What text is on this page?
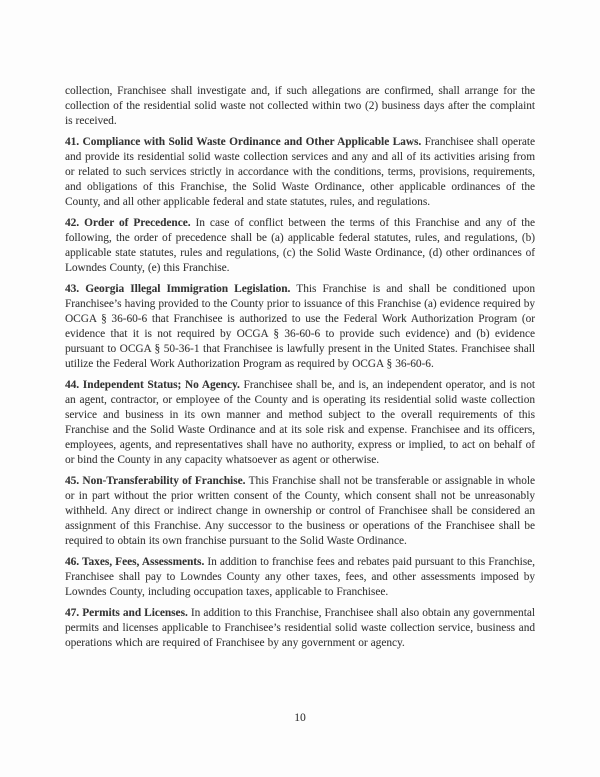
collection, Franchisee shall investigate and, if such allegations are confirmed, shall arrange for the collection of the residential solid waste not collected within two (2) business days after the complaint is received.

41. Compliance with Solid Waste Ordinance and Other Applicable Laws. Franchisee shall operate and provide its residential solid waste collection services and any and all of its activities arising from or related to such services strictly in accordance with the conditions, terms, provisions, requirements, and obligations of this Franchise, the Solid Waste Ordinance, other applicable ordinances of the County, and all other applicable federal and state statutes, rules, and regulations.

42. Order of Precedence. In case of conflict between the terms of this Franchise and any of the following, the order of precedence shall be (a) applicable federal statutes, rules, and regulations, (b) applicable state statutes, rules and regulations, (c) the Solid Waste Ordinance, (d) other ordinances of Lowndes County, (e) this Franchise.

43. Georgia Illegal Immigration Legislation. This Franchise is and shall be conditioned upon Franchisee’s having provided to the County prior to issuance of this Franchise (a) evidence required by OCGA § 36-60-6 that Franchisee is authorized to use the Federal Work Authorization Program (or evidence that it is not required by OCGA § 36-60-6 to provide such evidence) and (b) evidence pursuant to OCGA § 50-36-1 that Franchisee is lawfully present in the United States. Franchisee shall utilize the Federal Work Authorization Program as required by OCGA § 36-60-6.

44. Independent Status; No Agency. Franchisee shall be, and is, an independent operator, and is not an agent, contractor, or employee of the County and is operating its residential solid waste collection service and business in its own manner and method subject to the overall requirements of this Franchise and the Solid Waste Ordinance and at its sole risk and expense. Franchisee and its officers, employees, agents, and representatives shall have no authority, express or implied, to act on behalf of or bind the County in any capacity whatsoever as agent or otherwise.

45. Non-Transferability of Franchise. This Franchise shall not be transferable or assignable in whole or in part without the prior written consent of the County, which consent shall not be unreasonably withheld. Any direct or indirect change in ownership or control of Franchisee shall be considered an assignment of this Franchise. Any successor to the business or operations of the Franchisee shall be required to obtain its own franchise pursuant to the Solid Waste Ordinance.

46. Taxes, Fees, Assessments. In addition to franchise fees and rebates paid pursuant to this Franchise, Franchisee shall pay to Lowndes County any other taxes, fees, and other assessments imposed by Lowndes County, including occupation taxes, applicable to Franchisee.

47. Permits and Licenses. In addition to this Franchise, Franchisee shall also obtain any governmental permits and licenses applicable to Franchisee’s residential solid waste collection service, business and operations which are required of Franchisee by any government or agency.

10
